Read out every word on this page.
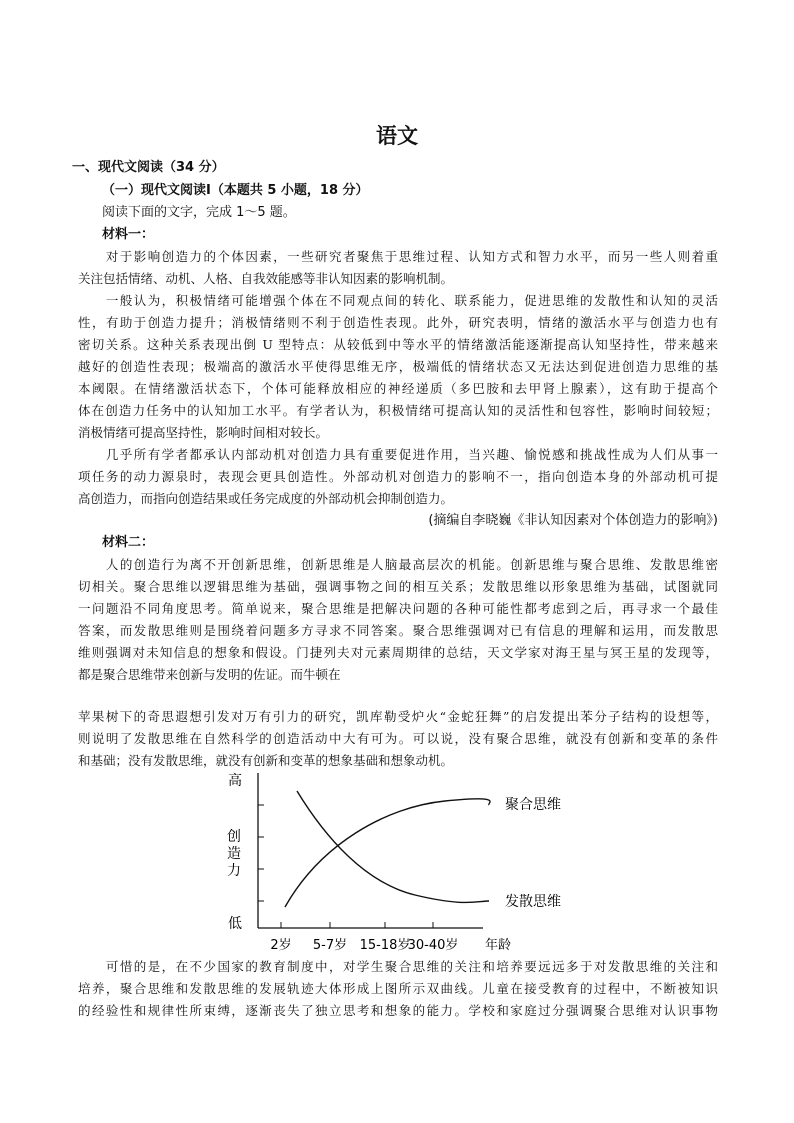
语文
一、现代文阅读（34 分）
（一）现代文阅读Ⅰ（本题共 5 小题，18 分）
阅读下面的文字，完成 1～5 题。
材料一：
　　对于影响创造力的个体因素，一些研究者聚焦于思维过程、认知方式和智力水平，而另一些人则着重
关注包括情绪、动机、人格、自我效能感等非认知因素的影响机制。
　　一般认为，积极情绪可能增强个体在不同观点间的转化、联系能力，促进思维的发散性和认知的灵活
性，有助于创造力提升；消极情绪则不利于创造性表现。此外，研究表明，情绪的激活水平与创造力也有
密切关系。这种关系表现出倒 U 型特点：从较低到中等水平的情绪激活能逐渐提高认知坚持性，带来越来
越好的创造性表现；极端高的激活水平使得思维无序，极端低的情绪状态又无法达到促进创造力思维的基
本阈限。在情绪激活状态下，个体可能释放相应的神经递质（多巴胺和去甲肾上腺素），这有助于提高个
体在创造力任务中的认知加工水平。有学者认为，积极情绪可提高认知的灵活性和包容性，影响时间较短；
消极情绪可提高坚持性，影响时间相对较长。
　　几乎所有学者都承认内部动机对创造力具有重要促进作用，当兴趣、愉悦感和挑战性成为人们从事一
项任务的动力源泉时，表现会更具创造性。外部动机对创造力的影响不一，指向创造本身的外部动机可提
高创造力，而指向创造结果或任务完成度的外部动机会抑制创造力。
(摘编自李晓巍《非认知因素对个体创造力的影响》)
材料二：
　　人的创造行为离不开创新思维，创新思维是人脑最高层次的机能。创新思维与聚合思维、发散思维密
切相关。聚合思维以逻辑思维为基础，强调事物之间的相互关系；发散思维以形象思维为基础，试图就同
一问题沿不同角度思考。简单说来，聚合思维是把解决问题的各种可能性都考虑到之后，再寻求一个最佳
答案，而发散思维则是围绕着问题多方寻求不同答案。聚合思维强调对已有信息的理解和运用，而发散思
维则强调对未知信息的想象和假设。门捷列夫对元素周期律的总结，天文学家对海王星与冥王星的发现等，
都是聚合思维带来创新与发明的佐证。而牛顿在
苹果树下的奇思遐想引发对万有引力的研究，凯库勒受炉火“金蛇狂舞”的启发提出苯分子结构的设想等，
则说明了发散思维在自然科学的创造活动中大有可为。可以说，没有聚合思维，就没有创新和变革的条件
和基础；没有发散思维，就没有创新和变革的想象基础和想象动机。
高
低
创
造
力
2岁 5-7岁 15-18岁
30-40岁 年龄
聚合思维
发散思维
　　可惜的是，在不少国家的教育制度中，对学生聚合思维的关注和培养要远远多于对发散思维的关注和
培养，聚合思维和发散思维的发展轨迹大体形成上图所示双曲线。儿童在接受教育的过程中，不断被知识
的经验性和规律性所束缚，逐渐丧失了独立思考和想象的能力。学校和家庭过分强调聚合思维对认识事物
